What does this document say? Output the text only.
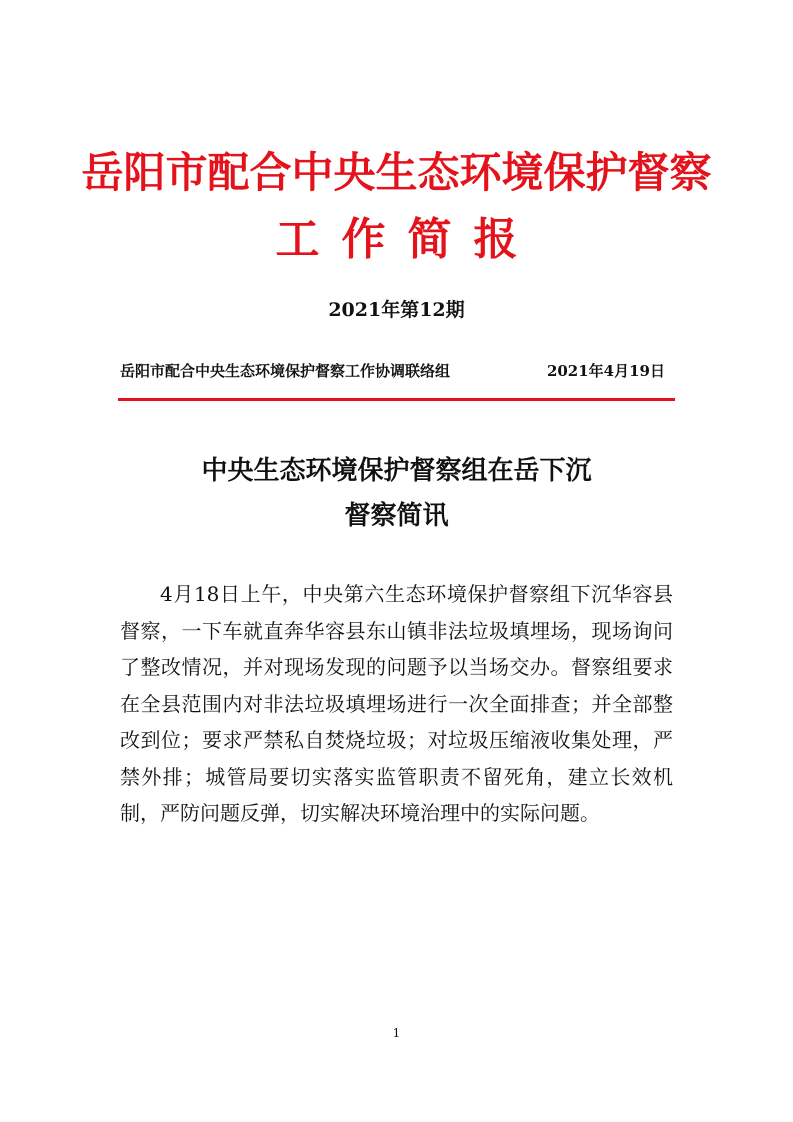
岳阳市配合中央生态环境保护督察
工作简报
2021年第12期
岳阳市配合中央生态环境保护督察工作协调联络组	2021年4月19日
中央生态环境保护督察组在岳下沉
督察简讯

4月18日上午，中央第六生态环境保护督察组下沉华容县督察，一下车就直奔华容县东山镇非法垃圾填埋场，现场询问了整改情况，并对现场发现的问题予以当场交办。督察组要求在全县范围内对非法垃圾填埋场进行一次全面排查；并全部整改到位；要求严禁私自焚烧垃圾；对垃圾压缩液收集处理，严禁外排；城管局要切实落实监管职责不留死角，建立长效机制，严防问题反弹，切实解决环境治理中的实际问题。

1
